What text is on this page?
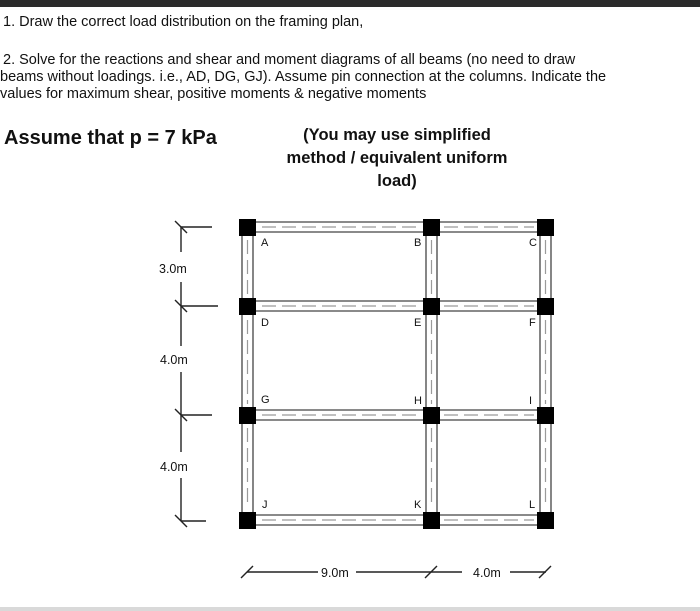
1. Draw the correct load distribution on the framing plan,

2. Solve for the reactions and shear and moment diagrams of all beams (no need to draw

beams without loadings. i.e., AD, DG, GJ). Assume pin connection at the columns. Indicate the

values for maximum shear, positive moments & negative moments

Assume that p = 7 kPa	(You may use simplified
method / equivalent uniform
load)
A	B	C
D	E	F
G	H	I
J	K	L
3.0m
4.0m
4.0m
9.0m	4.0m
